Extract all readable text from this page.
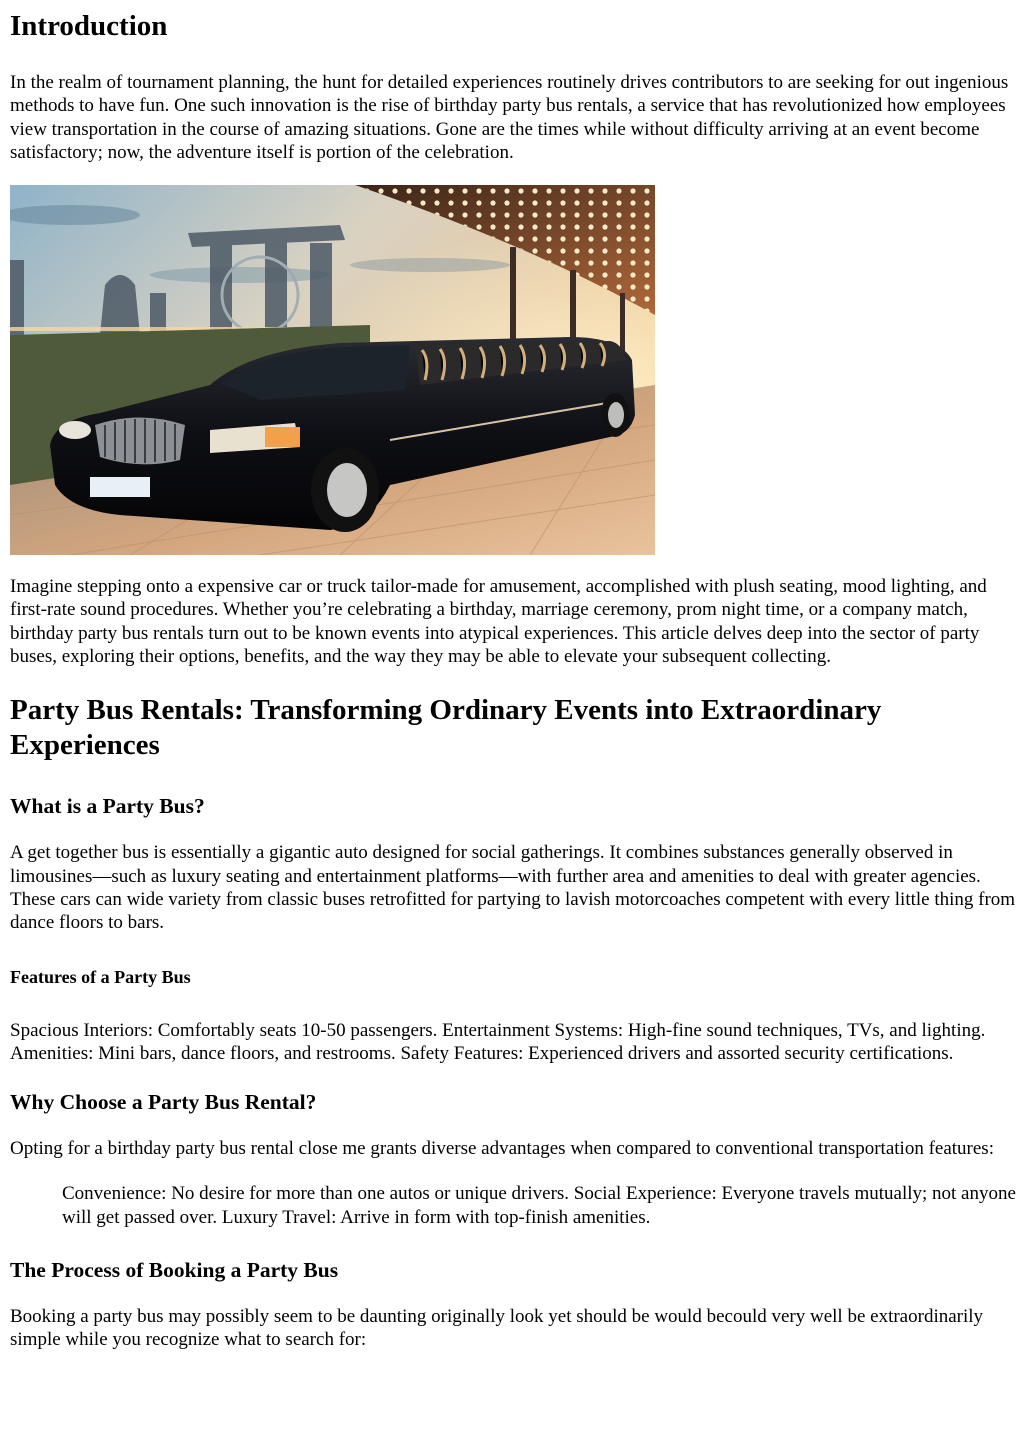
Introduction

In the realm of tournament planning, the hunt for detailed experiences routinely drives contributors to are seeking for out ingenious methods to have fun. One such innovation is the rise of birthday party bus rentals, a service that has revolutionized how employees view transportation in the course of amazing situations. Gone are the times while without difficulty arriving at an event become satisfactory; now, the adventure itself is portion of the celebration.

Imagine stepping onto a expensive car or truck tailor-made for amusement, accomplished with plush seating, mood lighting, and first-rate sound procedures. Whether you’re celebrating a birthday, marriage ceremony, prom night time, or a company match, birthday party bus rentals turn out to be known events into atypical experiences. This article delves deep into the sector of party buses, exploring their options, benefits, and the way they may be able to elevate your subsequent collecting.

Party Bus Rentals: Transforming Ordinary Events into Extraordinary Experiences
What is a Party Bus?

A get together bus is essentially a gigantic auto designed for social gatherings. It combines substances generally observed in limousines—such as luxury seating and entertainment platforms—with further area and amenities to deal with greater agencies. These cars can wide variety from classic buses retrofitted for partying to lavish motorcoaches competent with every little thing from dance floors to bars.

Features of a Party Bus

Spacious Interiors: Comfortably seats 10-50 passengers. Entertainment Systems: High-fine sound techniques, TVs, and lighting. Amenities: Mini bars, dance floors, and restrooms. Safety Features: Experienced drivers and assorted security certifications.

Why Choose a Party Bus Rental?

Opting for a birthday party bus rental close me grants diverse advantages when compared to conventional transportation features:

Convenience: No desire for more than one autos or unique drivers. Social Experience: Everyone travels mutually; not anyone will get passed over. Luxury Travel: Arrive in form with top-finish amenities.
The Process of Booking a Party Bus

Booking a party bus may possibly seem to be daunting originally look yet should be would becould very well be extraordinarily simple while you recognize what to search for:
